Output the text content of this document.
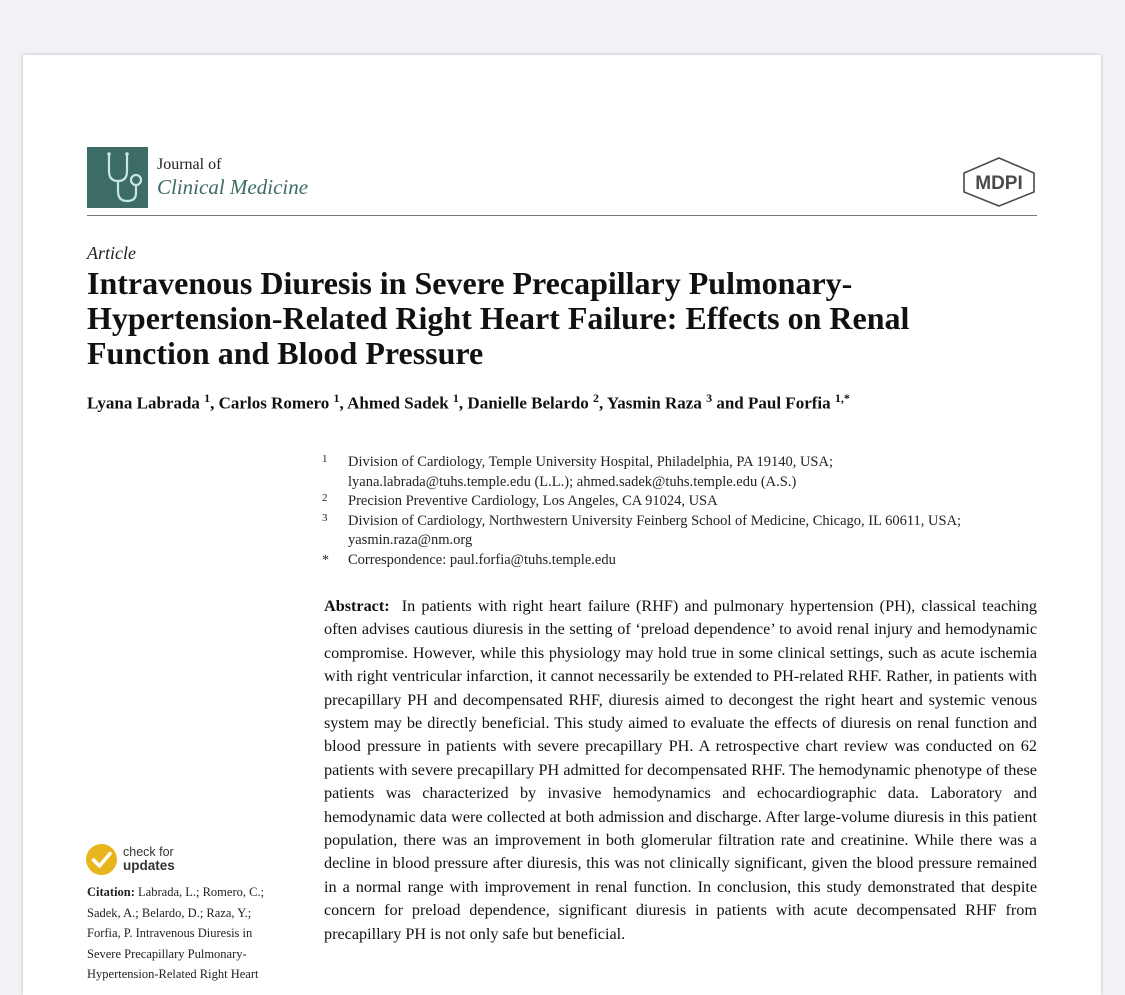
Journal of
Clinical Medicine	MDPI
Article
Intravenous Diuresis in Severe Precapillary Pulmonary-Hypertension-Related Right Heart Failure: Effects on Renal Function and Blood Pressure
Lyana Labrada $^1$, Carlos Romero $^1$, Ahmed Sadek $^1$, Danielle Belardo $^2$, Yasmin Raza $^3$ and Paul Forfia $^{1,*}$
1 Division of Cardiology, Temple University Hospital, Philadelphia, PA 19140, USA;
lyana.labrada@tuhs.temple.edu (L.L.); ahmed.sadek@tuhs.temple.edu (A.S.)
2 Precision Preventive Cardiology, Los Angeles, CA 91024, USA
3 Division of Cardiology, Northwestern University Feinberg School of Medicine, Chicago, IL 60611, USA;
yasmin.raza@nm.org
* Correspondence: paul.forfia@tuhs.temple.edu

Abstract: In patients with right heart failure (RHF) and pulmonary hypertension (PH), classical teaching often advises cautious diuresis in the setting of ‘preload dependence’ to avoid renal injury and hemodynamic compromise. However, while this physiology may hold true in some clinical settings, such as acute ischemia with right ventricular infarction, it cannot necessarily be extended to PH-related RHF. Rather, in patients with precapillary PH and decompensated RHF, diuresis aimed to decongest the right heart and systemic venous system may be directly beneficial. This study aimed to evaluate the effects of diuresis on renal function and blood pressure in patients with severe precapillary PH. A retrospective chart review was conducted on 62 patients with severe precapillary PH admitted for decompensated RHF. The hemodynamic phenotype of these patients was characterized by invasive hemodynamics and echocardiographic data. Laboratory and hemodynamic data were collected at both admission and discharge. After large-volume diuresis in this patient population, there was an improvement in both glomerular filtration rate and creatinine. While there was a decline in blood pressure after diuresis, this was not clinically significant, given the blood pressure remained in a normal range with improvement in renal function. In conclusion, this study demonstrated that despite concern for preload dependence, significant diuresis in patients with acute decompensated RHF from precapillary PH is not only safe but beneficial.

check for
updates

Citation: Labrada, L.; Romero, C.; Sadek, A.; Belardo, D.; Raza, Y.; Forfia, P. Intravenous Diuresis in Severe Precapillary Pulmonary-Hypertension-Related Right Heart
